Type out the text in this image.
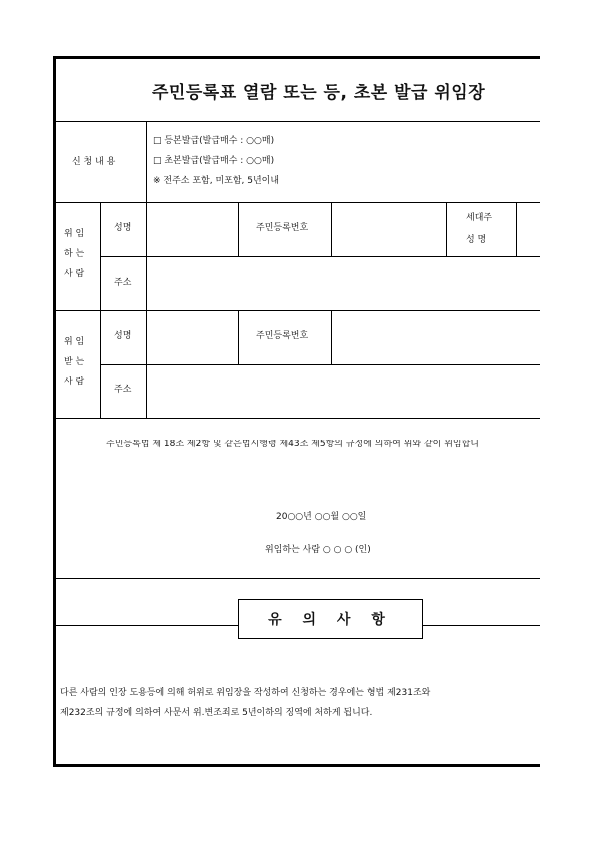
주민등록표 열람 또는 등, 초본 발급 위임장
신 청 내 용
□ 등본발급(발급매수 : ○○매)
□ 초본발급(발급매수 : ○○매)
※ 전주소 포함, 미포함, 5년이내
위 임
하 는
사 람
성명	주민등록번호
세대주
성 명
주소
위 임
받 는
사 람
성명	주민등록번호
주소
주민등록법 제 18조 제2항 및 같은법시행령 제43조 제5항의 규정에 의하여 위와 같이 위임합니
20○○년 ○○월 ○○일
위임하는 사람 ○ ○ ○ (인)
유 의 사 항
다른 사람의 인장 도용등에 의해 허위로 위임장을 작성하여 신청하는 경우에는 형법 제231조와
제232조의 규정에 의하여 사문서 위.변조죄로 5년이하의 징역에 처하게 됩니다.
